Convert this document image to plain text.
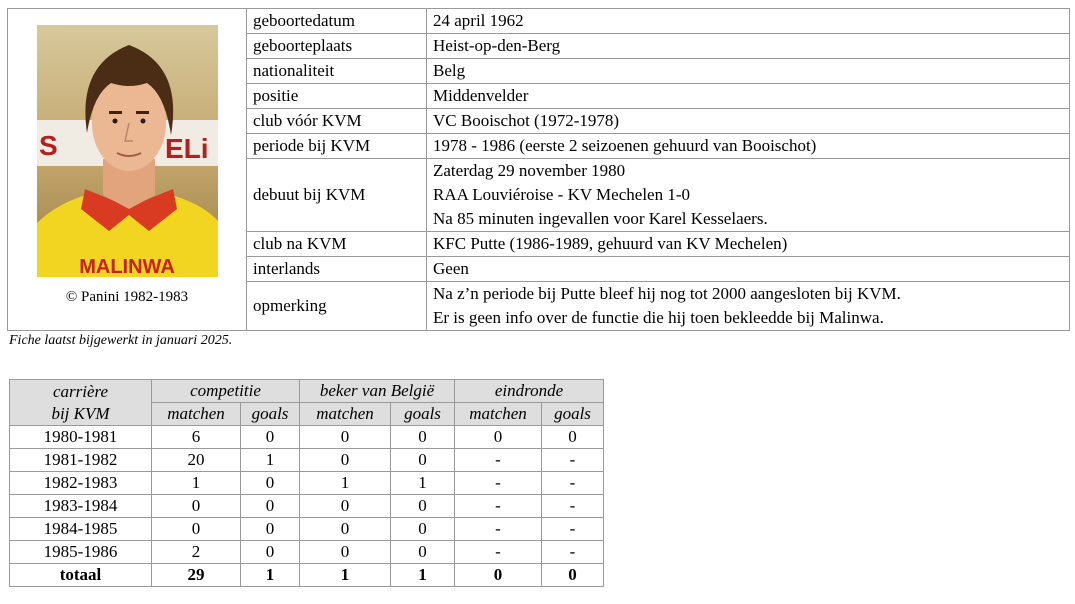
S ELi
MALINWA
© Panini 1982-1983	geboortedatum	24 april 1962
	geboorteplaats	Heist-op-den-Berg
	nationaliteit	Belg
	positie	Middenvelder
	club vóór KVM	VC Booischot (1972-1978)
	periode bij KVM	1978 - 1986 (eerste 2 seizoenen gehuurd van Booischot)
	debuut bij KVM	Zaterdag 29 november 1980
RAA Louviéroise - KV Mechelen 1-0
Na 85 minuten ingevallen voor Karel Kesselaers.

	club na KVM	KFC Putte (1986-1989, gehuurd van KV Mechelen)
	interlands	Geen
	opmerking	Na z’n periode bij Putte bleef hij nog tot 2000 aangesloten bij KVM.
Er is geen info over de functie die hij toen bekleedde bij Malinwa.
Fiche laatst bijgewerkt in januari 2025.
carrière
bij KVM	competitie		beker van België		eindronde	
	matchen	goals	matchen	goals	matchen	goals
1980-1981	6	0	0	0	0	0
1981-1982	20	1	0	0	-	-
1982-1983	1	0	1	1	-	-
1983-1984	0	0	0	0	-	-
1984-1985	0	0	0	0	-	-
1985-1986	2	0	0	0	-	-
totaal	29	1	1	1	0	0
